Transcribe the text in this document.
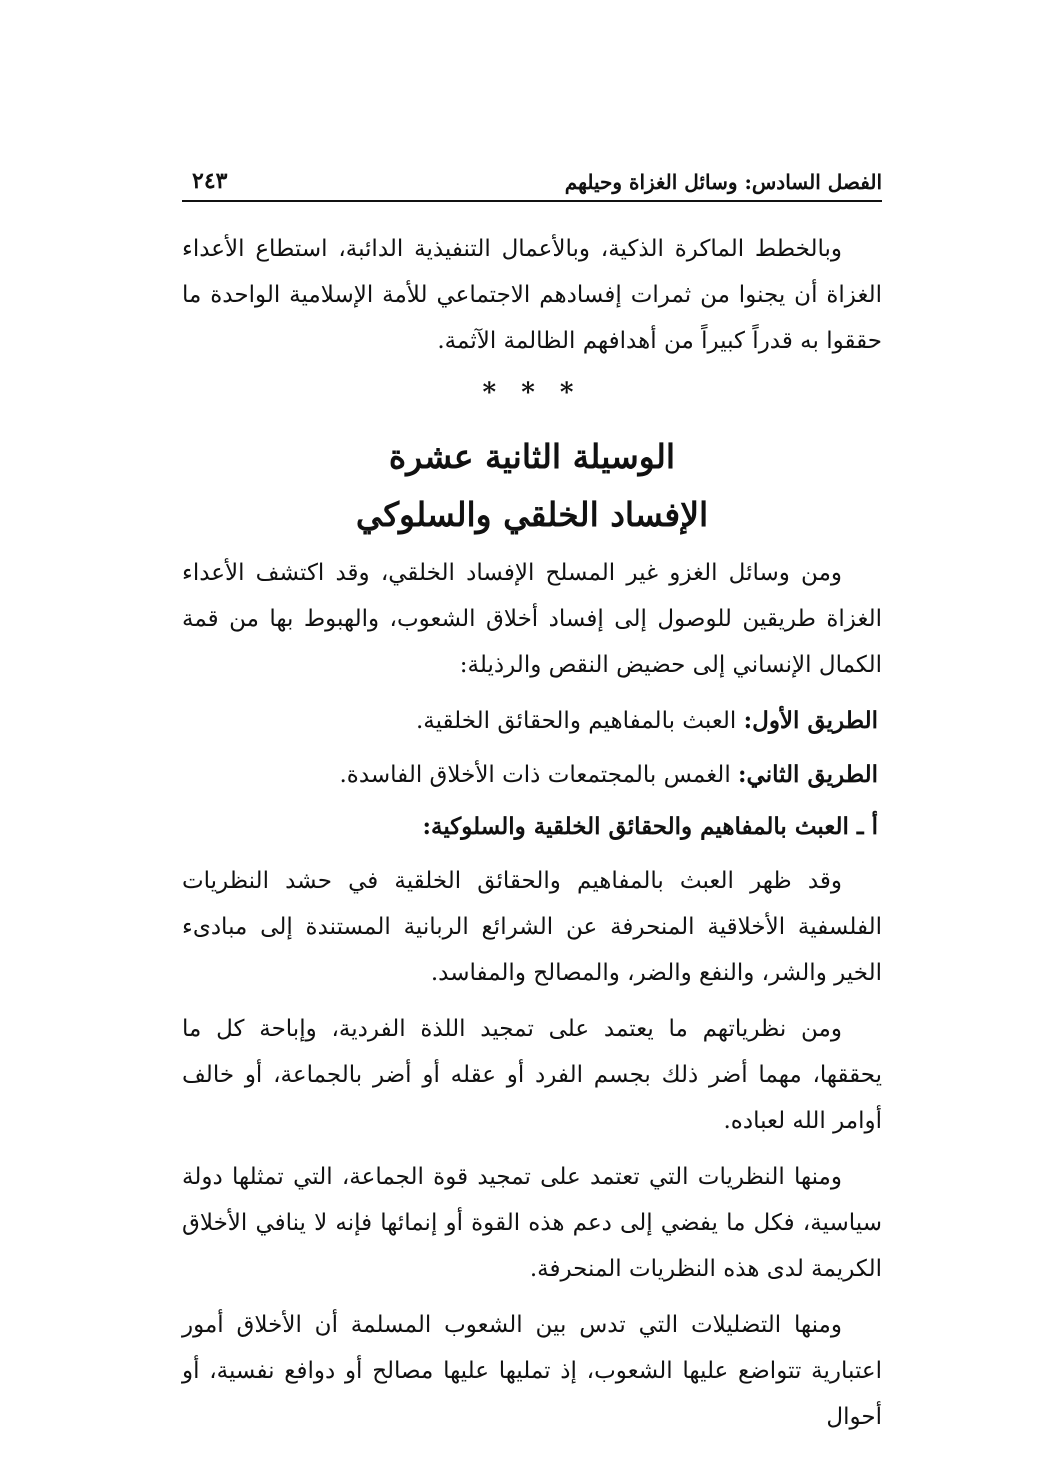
الفصل السادس: وسائل الغزاة وحيلهم
٢٤٣

وبالخطط الماكرة الذكية، وبالأعمال التنفيذية الدائبة، استطاع الأعداء الغزاة أن يجنوا من ثمرات إفسادهم الاجتماعي للأمة الإسلامية الواحدة ما حققوا به قدراً كبيراً من أهدافهم الظالمة الآثمة.

* * *
الوسيلة الثانية عشرة
الإفساد الخلقي والسلوكي

ومن وسائل الغزو غير المسلح الإفساد الخلقي، وقد اكتشف الأعداء الغزاة طريقين للوصول إلى إفساد أخلاق الشعوب، والهبوط بها من قمة الكمال الإنساني إلى حضيض النقص والرذيلة:

الطريق الأول: العبث بالمفاهيم والحقائق الخلقية.
الطريق الثاني: الغمس بالمجتمعات ذات الأخلاق الفاسدة.
أ ـ العبث بالمفاهيم والحقائق الخلقية والسلوكية:

وقد ظهر العبث بالمفاهيم والحقائق الخلقية في حشد النظريات الفلسفية الأخلاقية المنحرفة عن الشرائع الربانية المستندة إلى مبادىء الخير والشر، والنفع والضر، والمصالح والمفاسد.

ومن نظرياتهم ما يعتمد على تمجيد اللذة الفردية، وإباحة كل ما يحققها، مهما أضر ذلك بجسم الفرد أو عقله أو أضر بالجماعة، أو خالف أوامر الله لعباده.

ومنها النظريات التي تعتمد على تمجيد قوة الجماعة، التي تمثلها دولة سياسية، فكل ما يفضي إلى دعم هذه القوة أو إنمائها فإنه لا ينافي الأخلاق الكريمة لدى هذه النظريات المنحرفة.

ومنها التضليلات التي تدس بين الشعوب المسلمة أن الأخلاق أمور اعتبارية تتواضع عليها الشعوب، إذ تمليها عليها مصالح أو دوافع نفسية، أو أحوال
